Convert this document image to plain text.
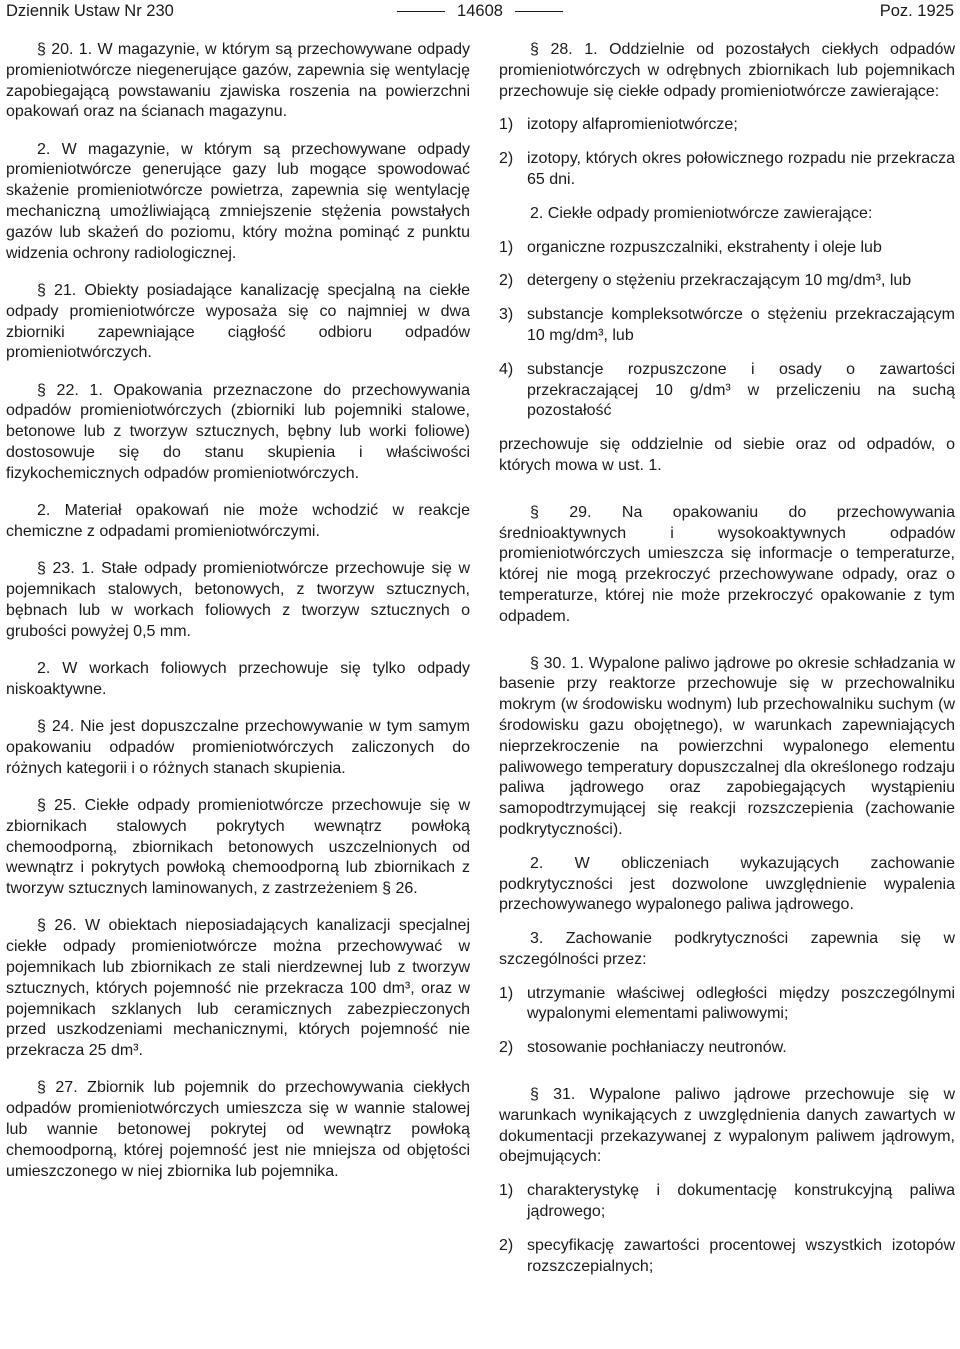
Dziennik Ustaw Nr 230	14608	Poz. 1925

§ 20. 1. W magazynie, w którym są przechowywane odpady promieniotwórcze niegenerujące gazów, zapewnia się wentylację zapobiegającą powstawaniu zjawiska roszenia na powierzchni opakowań oraz na ścianach magazynu.

2. W magazynie, w którym są przechowywane odpady promieniotwórcze generujące gazy lub mogące spowodować skażenie promieniotwórcze powietrza, zapewnia się wentylację mechaniczną umożliwiającą zmniejszenie stężenia powstałych gazów lub skażeń do poziomu, który można pominąć z punktu widzenia ochrony radiologicznej.

§ 21. Obiekty posiadające kanalizację specjalną na ciekłe odpady promieniotwórcze wyposaża się co najmniej w dwa zbiorniki zapewniające ciągłość odbioru odpadów promieniotwórczych.

§ 22. 1. Opakowania przeznaczone do przechowywania odpadów promieniotwórczych (zbiorniki lub pojemniki stalowe, betonowe lub z tworzyw sztucznych, bębny lub worki foliowe) dostosowuje się do stanu skupienia i właściwości fizykochemicznych odpadów promieniotwórczych.

2. Materiał opakowań nie może wchodzić w reakcje chemiczne z odpadami promieniotwórczymi.

§ 23. 1. Stałe odpady promieniotwórcze przechowuje się w pojemnikach stalowych, betonowych, z tworzyw sztucznych, bębnach lub w workach foliowych z tworzyw sztucznych o grubości powyżej 0,5 mm.

2. W workach foliowych przechowuje się tylko odpady niskoaktywne.

§ 24. Nie jest dopuszczalne przechowywanie w tym samym opakowaniu odpadów promieniotwórczych zaliczonych do różnych kategorii i o różnych stanach skupienia.

§ 25. Ciekłe odpady promieniotwórcze przechowuje się w zbiornikach stalowych pokrytych wewnątrz powłoką chemoodporną, zbiornikach betonowych uszczelnionych od wewnątrz i pokrytych powłoką chemoodporną lub zbiornikach z tworzyw sztucznych laminowanych, z zastrzeżeniem § 26.

§ 26. W obiektach nieposiadających kanalizacji specjalnej ciekłe odpady promieniotwórcze można przechowywać w pojemnikach lub zbiornikach ze stali nierdzewnej lub z tworzyw sztucznych, których pojemność nie przekracza 100 dm³, oraz w pojemnikach szklanych lub ceramicznych zabezpieczonych przed uszkodzeniami mechanicznymi, których pojemność nie przekracza 25 dm³.

§ 27. Zbiornik lub pojemnik do przechowywania ciekłych odpadów promieniotwórczych umieszcza się w wannie stalowej lub wannie betonowej pokrytej od wewnątrz powłoką chemoodporną, której pojemność jest nie mniejsza od objętości umieszczonego w niej zbiornika lub pojemnika.

§ 28. 1. Oddzielnie od pozostałych ciekłych odpadów promieniotwórczych w odrębnych zbiornikach lub pojemnikach przechowuje się ciekłe odpady promieniotwórcze zawierające:

1) izotopy alfapromieniotwórcze;
2) izotopy, których okres połowicznego rozpadu nie przekracza 65 dni.

2. Ciekłe odpady promieniotwórcze zawierające:

1) organiczne rozpuszczalniki, ekstrahenty i oleje lub
2) detergeny o stężeniu przekraczającym 10 mg/dm³, lub
3) substancje kompleksotwórcze o stężeniu przekraczającym 10 mg/dm³, lub
4) substancje rozpuszczone i osady o zawartości przekraczającej 10 g/dm³ w przeliczeniu na suchą pozostałość

przechowuje się oddzielnie od siebie oraz od odpadów, o których mowa w ust. 1.

§ 29. Na opakowaniu do przechowywania średnioaktywnych i wysokoaktywnych odpadów promieniotwórczych umieszcza się informacje o temperaturze, której nie mogą przekroczyć przechowywane odpady, oraz o temperaturze, której nie może przekroczyć opakowanie z tym odpadem.

§ 30. 1. Wypalone paliwo jądrowe po okresie schładzania w basenie przy reaktorze przechowuje się w przechowalniku mokrym (w środowisku wodnym) lub przechowalniku suchym (w środowisku gazu obojętnego), w warunkach zapewniających nieprzekroczenie na powierzchni wypalonego elementu paliwowego temperatury dopuszczalnej dla określonego rodzaju paliwa jądrowego oraz zapobiegających wystąpieniu samopodtrzymującej się reakcji rozszczepienia (zachowanie podkrytyczności).

2. W obliczeniach wykazujących zachowanie podkrytyczności jest dozwolone uwzględnienie wypalenia przechowywanego wypalonego paliwa jądrowego.

3. Zachowanie podkrytyczności zapewnia się w szczególności przez:

1) utrzymanie właściwej odległości między poszczególnymi wypalonymi elementami paliwowymi;
2) stosowanie pochłaniaczy neutronów.

§ 31. Wypalone paliwo jądrowe przechowuje się w warunkach wynikających z uwzględnienia danych zawartych w dokumentacji przekazywanej z wypalonym paliwem jądrowym, obejmujących:

1) charakterystykę i dokumentację konstrukcyjną paliwa jądrowego;
2) specyfikację zawartości procentowej wszystkich izotopów rozszczepialnych;
